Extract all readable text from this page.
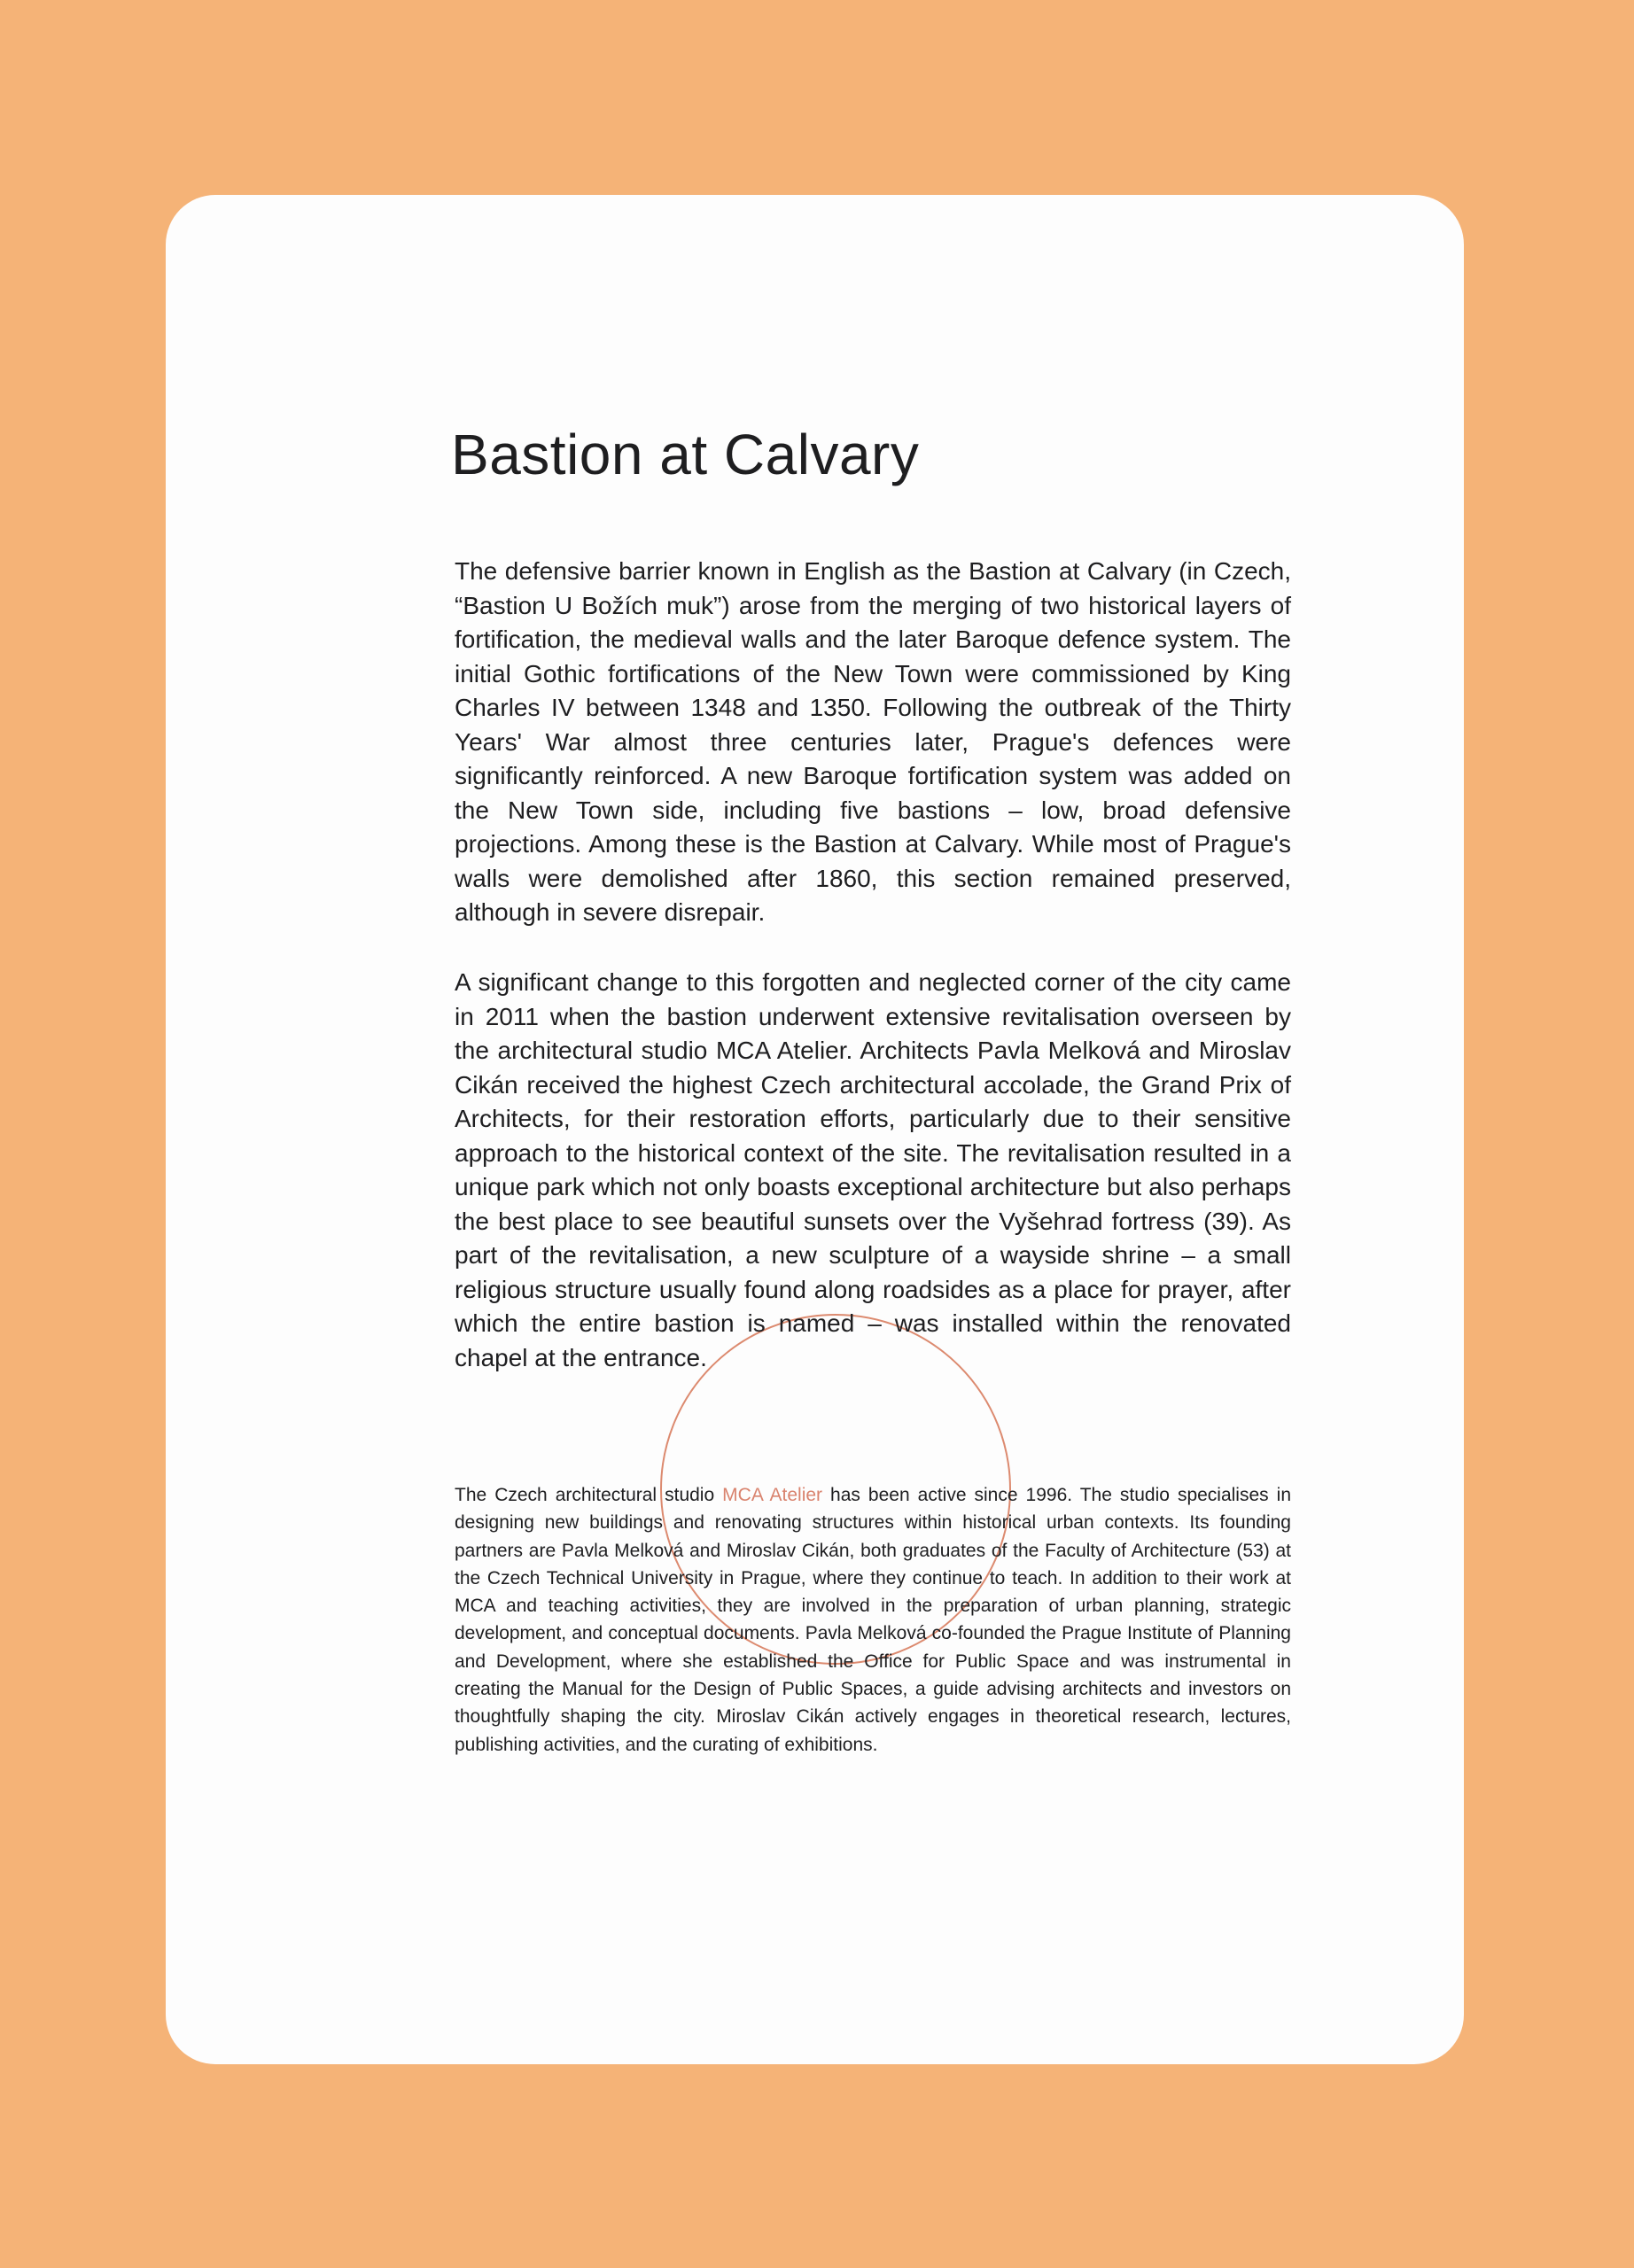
Bastion at Calvary

The defensive barrier known in English as the Bastion at Calvary (in Czech, “Bastion U Božích muk”) arose from the merging of two historical layers of fortification, the medieval walls and the later Baroque defence system. The initial Gothic fortifications of the New Town were commissioned by King Charles IV between 1348 and 1350. Following the outbreak of the Thirty Years' War almost three centuries later, Prague's defences were significantly reinforced. A new Baroque fortification system was added on the New Town side, including five bastions – low, broad defensive projections. Among these is the Bastion at Calvary. While most of Prague's walls were demolished after 1860, this section remained preserved, although in severe disrepair.

A significant change to this forgotten and neglected corner of the city came in 2011 when the bastion underwent extensive revitalisation overseen by the architectural studio MCA Atelier. Architects Pavla Melková and Miroslav Cikán received the highest Czech architectural accolade, the Grand Prix of Architects, for their restoration efforts, particularly due to their sensitive approach to the historical context of the site. The revitalisation resulted in a unique park which not only boasts exceptional architecture but also perhaps the best place to see beautiful sunsets over the Vyšehrad fortress (39). As part of the revitalisation, a new sculpture of a wayside shrine – a small religious structure usually found along roadsides as a place for prayer, after which the entire bastion is named – was installed within the renovated chapel at the entrance.

The Czech architectural studio MCA Atelier has been active since 1996. The studio specialises in designing new buildings and renovating structures within historical urban contexts. Its founding partners are Pavla Melková and Miroslav Cikán, both graduates of the Faculty of Architecture (53) at the Czech Technical University in Prague, where they continue to teach. In addition to their work at MCA and teaching activities, they are involved in the preparation of urban planning, strategic development, and conceptual documents. Pavla Melková co-founded the Prague Institute of Planning and Development, where she established the Office for Public Space and was instrumental in creating the Manual for the Design of Public Spaces, a guide advising architects and investors on thoughtfully shaping the city. Miroslav Cikán actively engages in theoretical research, lectures, publishing activities, and the curating of exhibitions.
